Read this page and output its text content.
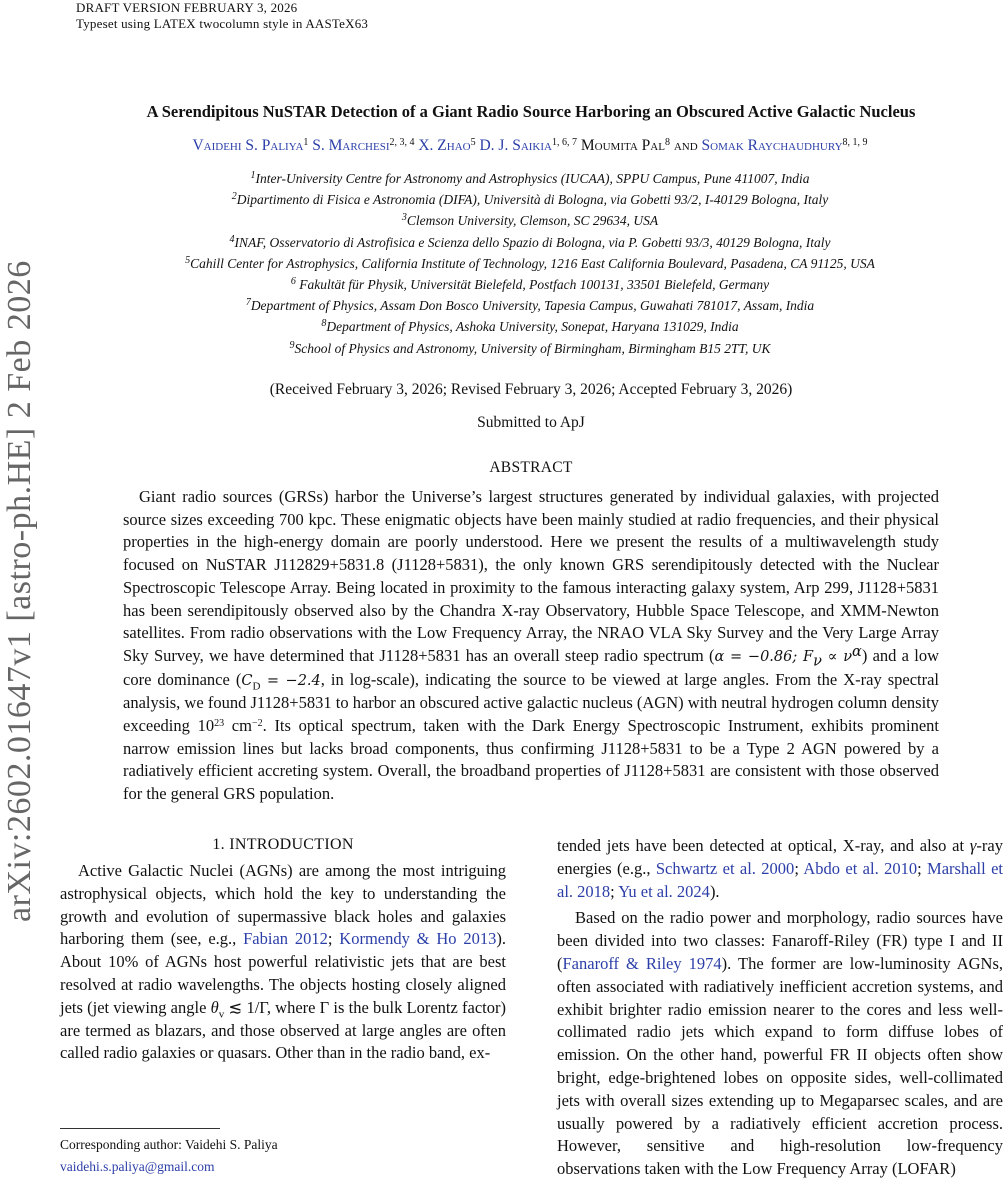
DRAFT VERSION FEBRUARY 3, 2026
Typeset using LATEX twocolumn style in AASTeX63
arXiv:2602.01647v1 [astro-ph.HE] 2 Feb 2026
A Serendipitous NuSTAR Detection of a Giant Radio Source Harboring an Obscured Active Galactic Nucleus
Vaidehi S. Paliya$^1$ S. Marchesi$^{2, 3, 4}$ X. Zhao$^5$ D. J. Saikia$^{1, 6, 7}$ Moumita Pal$^8$ and Somak Raychaudhury$^{8, 1, 9}$
$^1$Inter-University Centre for Astronomy and Astrophysics (IUCAA), SPPU Campus, Pune 411007, India
$^2$Dipartimento di Fisica e Astronomia (DIFA), Università di Bologna, via Gobetti 93/2, I-40129 Bologna, Italy
$^3$Clemson University, Clemson, SC 29634, USA
$^4$INAF, Osservatorio di Astrofisica e Scienza dello Spazio di Bologna, via P. Gobetti 93/3, 40129 Bologna, Italy
$^5$Cahill Center for Astrophysics, California Institute of Technology, 1216 East California Boulevard, Pasadena, CA 91125, USA
$^6$ Fakultät für Physik, Universität Bielefeld, Postfach 100131, 33501 Bielefeld, Germany
$^7$Department of Physics, Assam Don Bosco University, Tapesia Campus, Guwahati 781017, Assam, India
$^8$Department of Physics, Ashoka University, Sonepat, Haryana 131029, India
$^9$School of Physics and Astronomy, University of Birmingham, Birmingham B15 2TT, UK
(Received February 3, 2026; Revised February 3, 2026; Accepted February 3, 2026)
Submitted to ApJ
ABSTRACT
Giant radio sources (GRSs) harbor the Universe’s largest structures generated by individual galaxies, with projected source sizes exceeding 700 kpc. These enigmatic objects have been mainly studied at radio frequencies, and their physical properties in the high-energy domain are poorly understood. Here we present the results of a multiwavelength study focused on NuSTAR J112829+5831.8 (J1128+5831), the only known GRS serendipitously detected with the Nuclear Spectroscopic Telescope Array. Being located in proximity to the famous interacting galaxy system, Arp 299, J1128+5831 has been serendipitously observed also by the Chandra X-ray Observatory, Hubble Space Telescope, and XMM-Newton satellites. From radio observations with the Low Frequency Array, the NRAO VLA Sky Survey and the Very Large Array Sky Survey, we have determined that J1128+5831 has an overall steep radio spectrum (α = −0.86; $F_\nu \propto \nu^\alpha$) and a low core dominance ($C_D = -2.4$, in log-scale), indicating the source to be viewed at large angles. From the X-ray spectral analysis, we found J1128+5831 to harbor an obscured active galactic nucleus (AGN) with neutral hydrogen column density exceeding $10^{23}$ $cm^{-2}$. Its optical spectrum, taken with the Dark Energy Spectroscopic Instrument, exhibits prominent narrow emission lines but lacks broad components, thus confirming J1128+5831 to be a Type 2 AGN powered by a radiatively efficient accreting system. Overall, the broadband properties of J1128+5831 are consistent with those observed for the general GRS population.
1. INTRODUCTION

Active Galactic Nuclei (AGNs) are among the most intriguing astrophysical objects, which hold the key to understanding the growth and evolution of supermassive black holes and galaxies harboring them (see, e.g., Fabian 2012; Kormendy & Ho 2013). About 10% of AGNs host powerful relativistic jets that are best resolved at radio wavelengths. The objects hosting closely aligned jets (jet viewing angle $\theta_v$ ≲ 1/Γ, where Γ is the bulk Lorentz factor) are termed as blazars, and those observed at large angles are often called radio galaxies or quasars. Other than in the radio band, ex-

tended jets have been detected at optical, X-ray, and also at γ-ray energies (e.g., Schwartz et al. 2000; Abdo et al. 2010; Marshall et al. 2018; Yu et al. 2024).

Based on the radio power and morphology, radio sources have been divided into two classes: Fanaroff-Riley (FR) type I and II (Fanaroff & Riley 1974). The former are low-luminosity AGNs, often associated with radiatively inefficient accretion systems, and exhibit brighter radio emission nearer to the cores and less well-collimated radio jets which expand to form diffuse lobes of emission. On the other hand, powerful FR II objects often show bright, edge-brightened lobes on opposite sides, well-collimated jets with overall sizes extending up to Megaparsec scales, and are usually powered by a radiatively efficient accretion process. However, sensitive and high-resolution low-frequency observations taken with the Low Frequency Array (LOFAR)

Corresponding author: Vaidehi S. Paliya
vaidehi.s.paliya@gmail.com
